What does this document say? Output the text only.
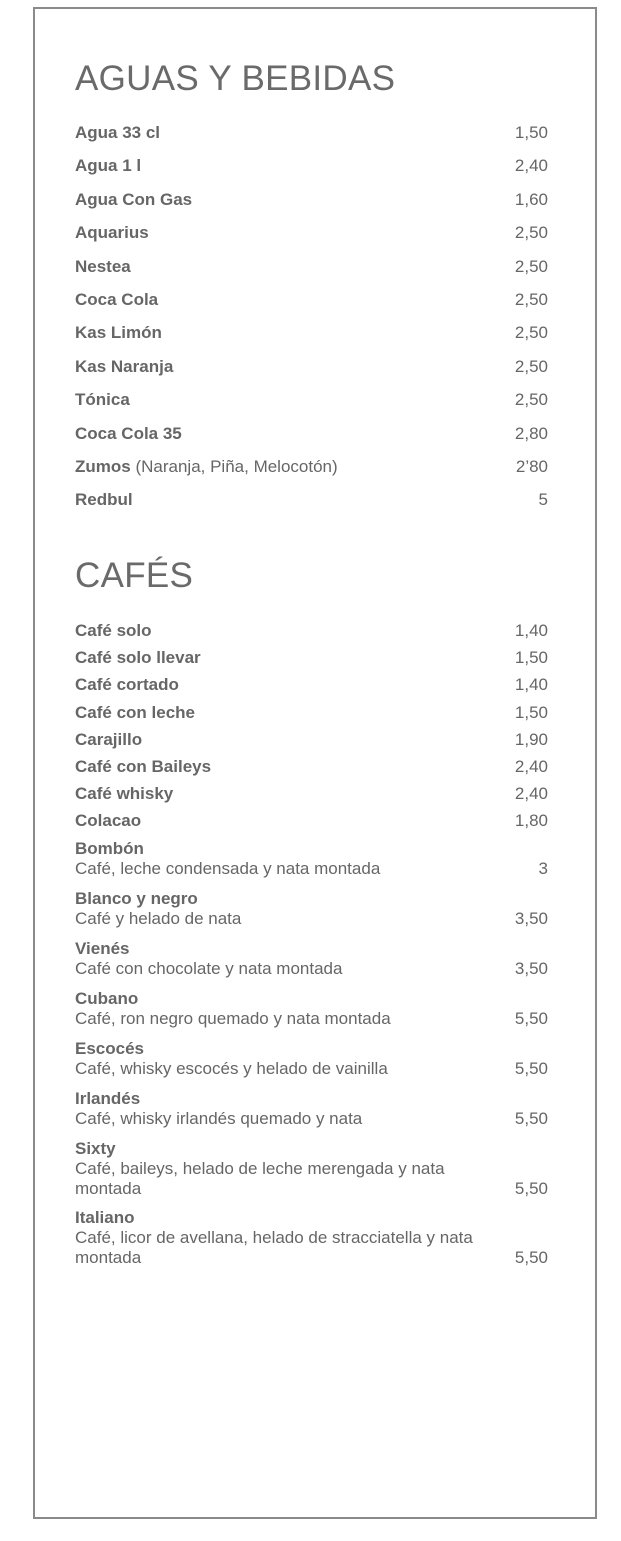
AGUAS Y BEBIDAS
Agua 33 cl	1,50
Agua 1 l	2,40
Agua Con Gas	1,60
Aquarius	2,50
Nestea	2,50
Coca Cola	2,50
Kas Limón	2,50
Kas Naranja	2,50
Tónica	2,50
Coca Cola 35	2,80
Zumos (Naranja, Piña, Melocotón)	2’80
Redbul	5
CAFÉS
Café solo	1,40
Café solo llevar	1,50
Café cortado	1,40
Café con leche	1,50
Carajillo	1,90
Café con Baileys	2,40
Café whisky	2,40
Colacao	1,80
Bombón
Café, leche condensada y nata montada	3
Blanco y negro
Café y helado de nata	3,50
Vienés
Café con chocolate y nata montada	3,50
Cubano
Café, ron negro quemado y nata montada	5,50
Escocés
Café, whisky escocés y helado de vainilla	5,50
Irlandés
Café, whisky irlandés quemado y nata	5,50
Sixty
Café, baileys, helado de leche merengada y nata montada	5,50
Italiano
Café, licor de avellana, helado de stracciatella y nata montada	5,50
